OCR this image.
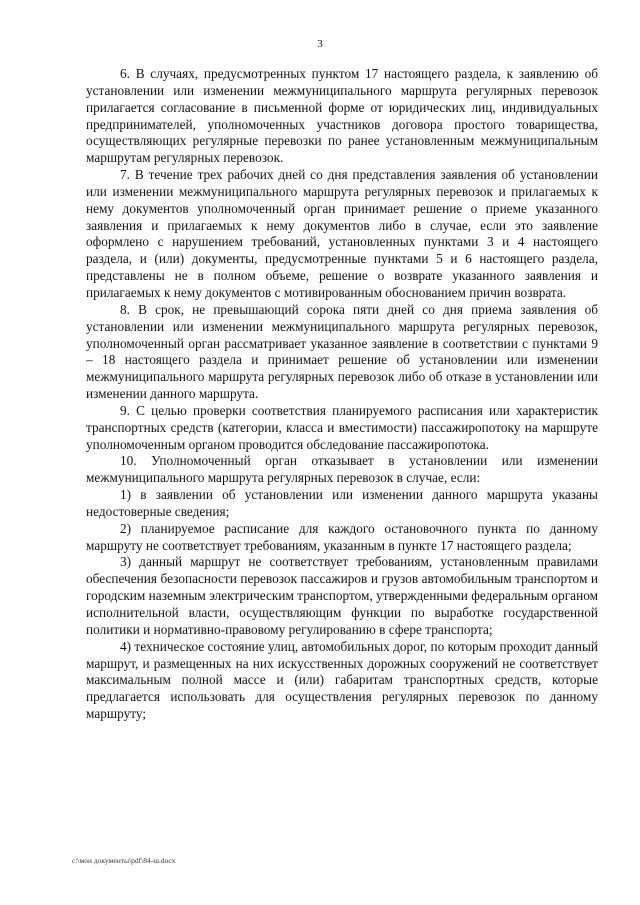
3

6. В случаях, предусмотренных пунктом 17 настоящего раздела, к заявлению об установлении или изменении межмуниципального маршрута регулярных перевозок прилагается согласование в письменной форме от юридических лиц, индивидуальных предпринимателей, уполномоченных участников договора простого товарищества, осуществляющих регулярные перевозки по ранее установленным межмуниципальным маршрутам регулярных перевозок.

7. В течение трех рабочих дней со дня представления заявления об установлении или изменении межмуниципального маршрута регулярных перевозок и прилагаемых к нему документов уполномоченный орган принимает решение о приеме указанного заявления и прилагаемых к нему документов либо в случае, если это заявление оформлено с нарушением требований, установленных пунктами 3 и 4 настоящего раздела, и (или) документы, предусмотренные пунктами 5 и 6 настоящего раздела, представлены не в полном объеме, решение о возврате указанного заявления и прилагаемых к нему документов с мотивированным обоснованием причин возврата.

8. В срок, не превышающий сорока пяти дней со дня приема заявления об установлении или изменении межмуниципального маршрута регулярных перевозок, уполномоченный орган рассматривает указанное заявление в соответствии с пунктами 9 – 18 настоящего раздела и принимает решение об установлении или изменении межмуниципального маршрута регулярных перевозок либо об отказе в установлении или изменении данного маршрута.

9. С целью проверки соответствия планируемого расписания или характеристик транспортных средств (категории, класса и вместимости) пассажиропотоку на маршруте уполномоченным органом проводится обследование пассажиропотока.

10. Уполномоченный орган отказывает в установлении или изменении межмуниципального маршрута регулярных перевозок в случае, если:

1) в заявлении об установлении или изменении данного маршрута указаны недостоверные сведения;

2) планируемое расписание для каждого остановочного пункта по данному маршруту не соответствует требованиям, указанным в пункте 17 настоящего раздела;

3) данный маршрут не соответствует требованиям, установленным правилами обеспечения безопасности перевозок пассажиров и грузов автомобильным транспортом и городским наземным электрическим транспортом, утвержденными федеральным органом исполнительной власти, осуществляющим функции по выработке государственной политики и нормативно-правовому регулированию в сфере транспорта;

4) техническое состояние улиц, автомобильных дорог, по которым проходит данный маршрут, и размещенных на них искусственных дорожных сооружений не соответствует максимальным полной массе и (или) габаритам транспортных средств, которые предлагается использовать для осуществления регулярных перевозок по данному маршруту;

c:\мои документы\pdf\84-ш.docx
